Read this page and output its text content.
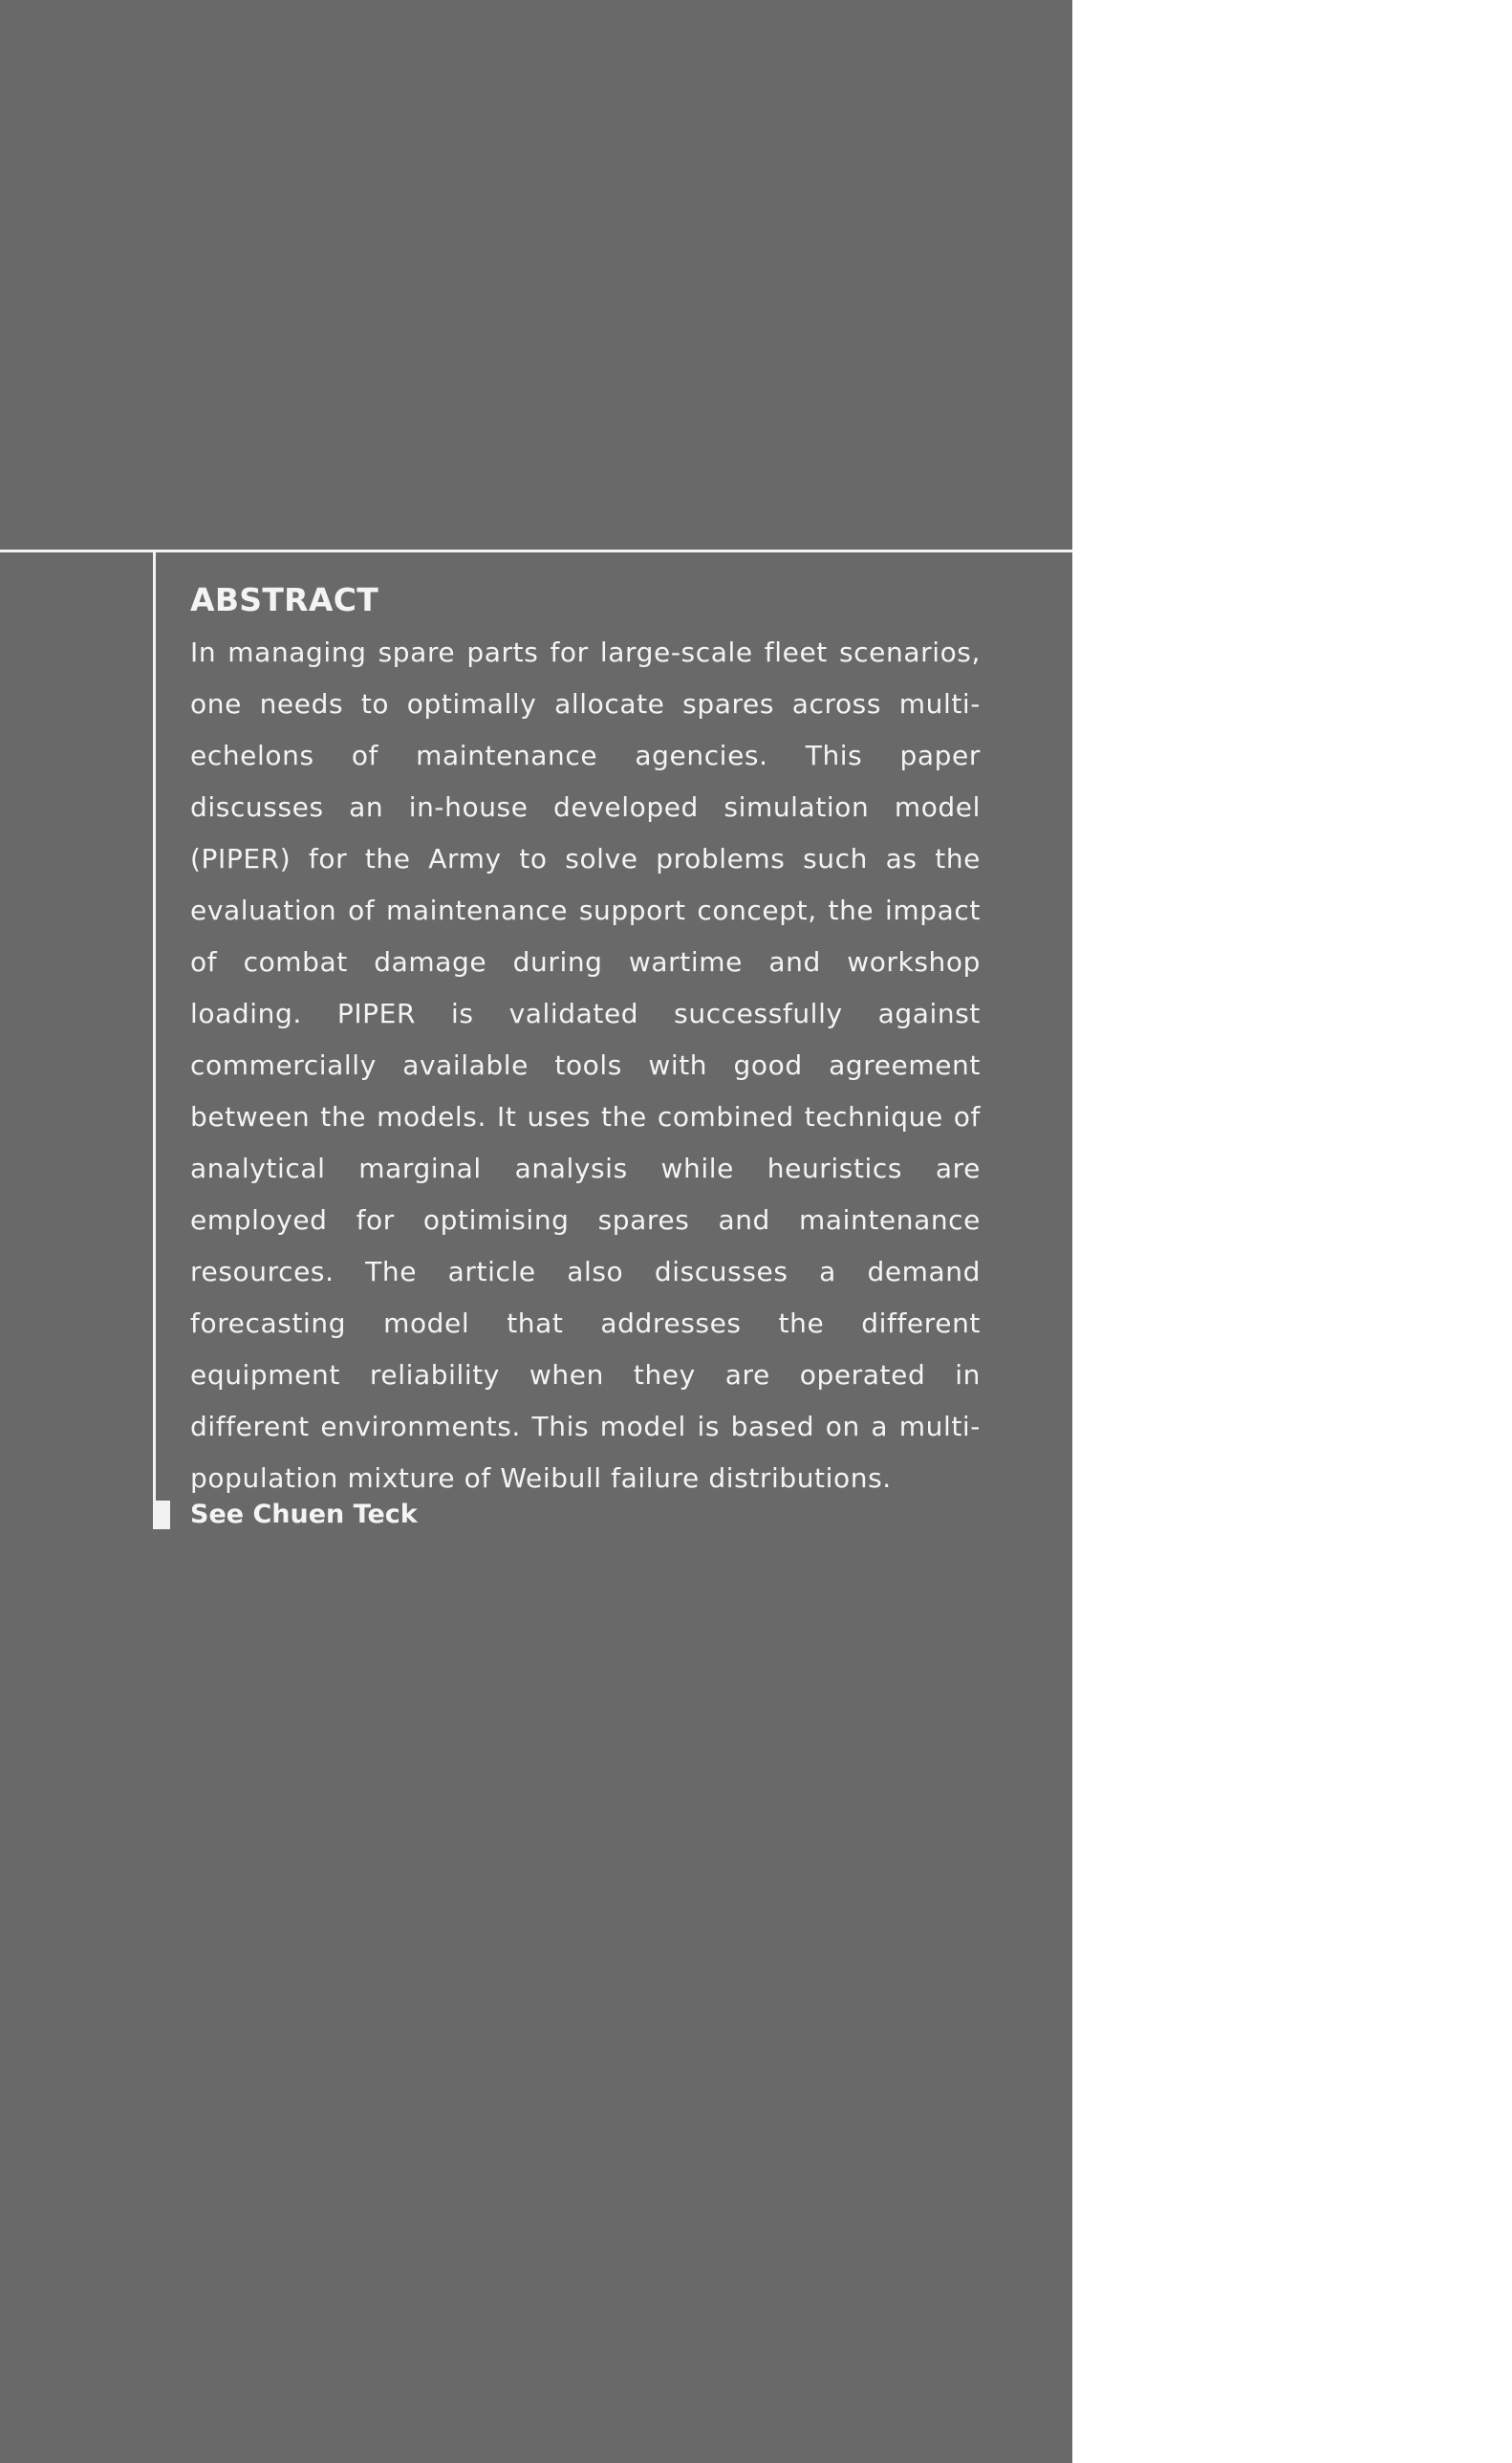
ABSTRACT

In managing spare parts for large-scale fleet scenarios, one needs to optimally allocate spares across multi-echelons of maintenance agencies. This paper discusses an in-house developed simulation model (PIPER) for the Army to solve problems such as the evaluation of maintenance support concept, the impact of combat damage during wartime and workshop loading. PIPER is validated successfully against commercially available tools with good agreement between the models. It uses the combined technique of analytical marginal analysis while heuristics are employed for optimising spares and maintenance resources. The article also discusses a demand forecasting model that addresses the different equipment reliability when they are operated in different environments. This model is based on a multi-population mixture of Weibull failure distributions.

See Chuen Teck
